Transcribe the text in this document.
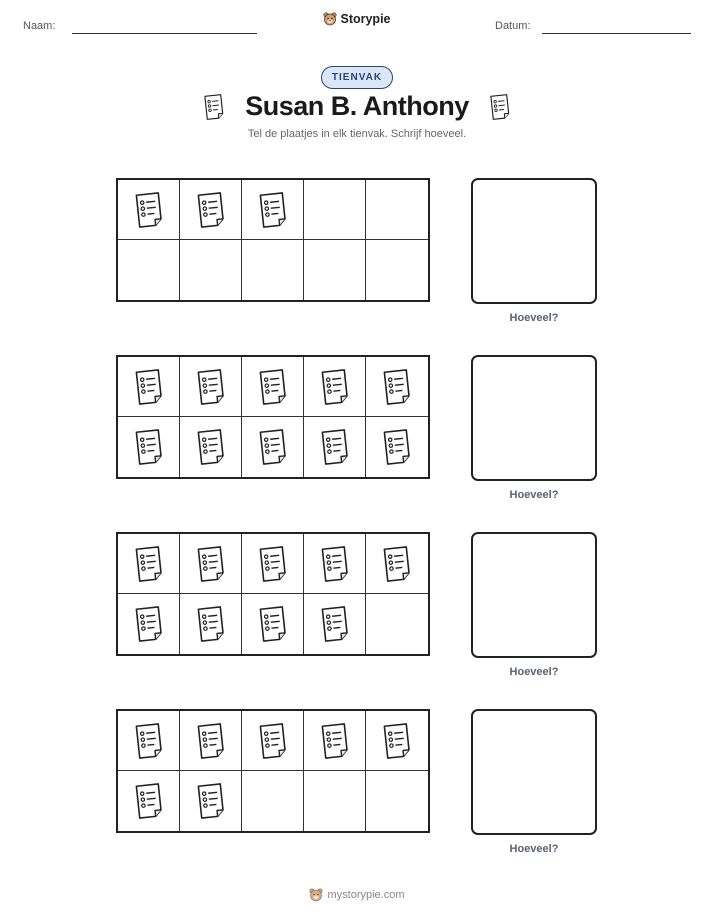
Naam:	Storypie	Datum:
TIENVAK
Susan B. Anthony
Tel de plaatjes in elk tienvak. Schrijf hoeveel.
Hoeveel?
Hoeveel?
Hoeveel?
Hoeveel?
mystorypie.com
